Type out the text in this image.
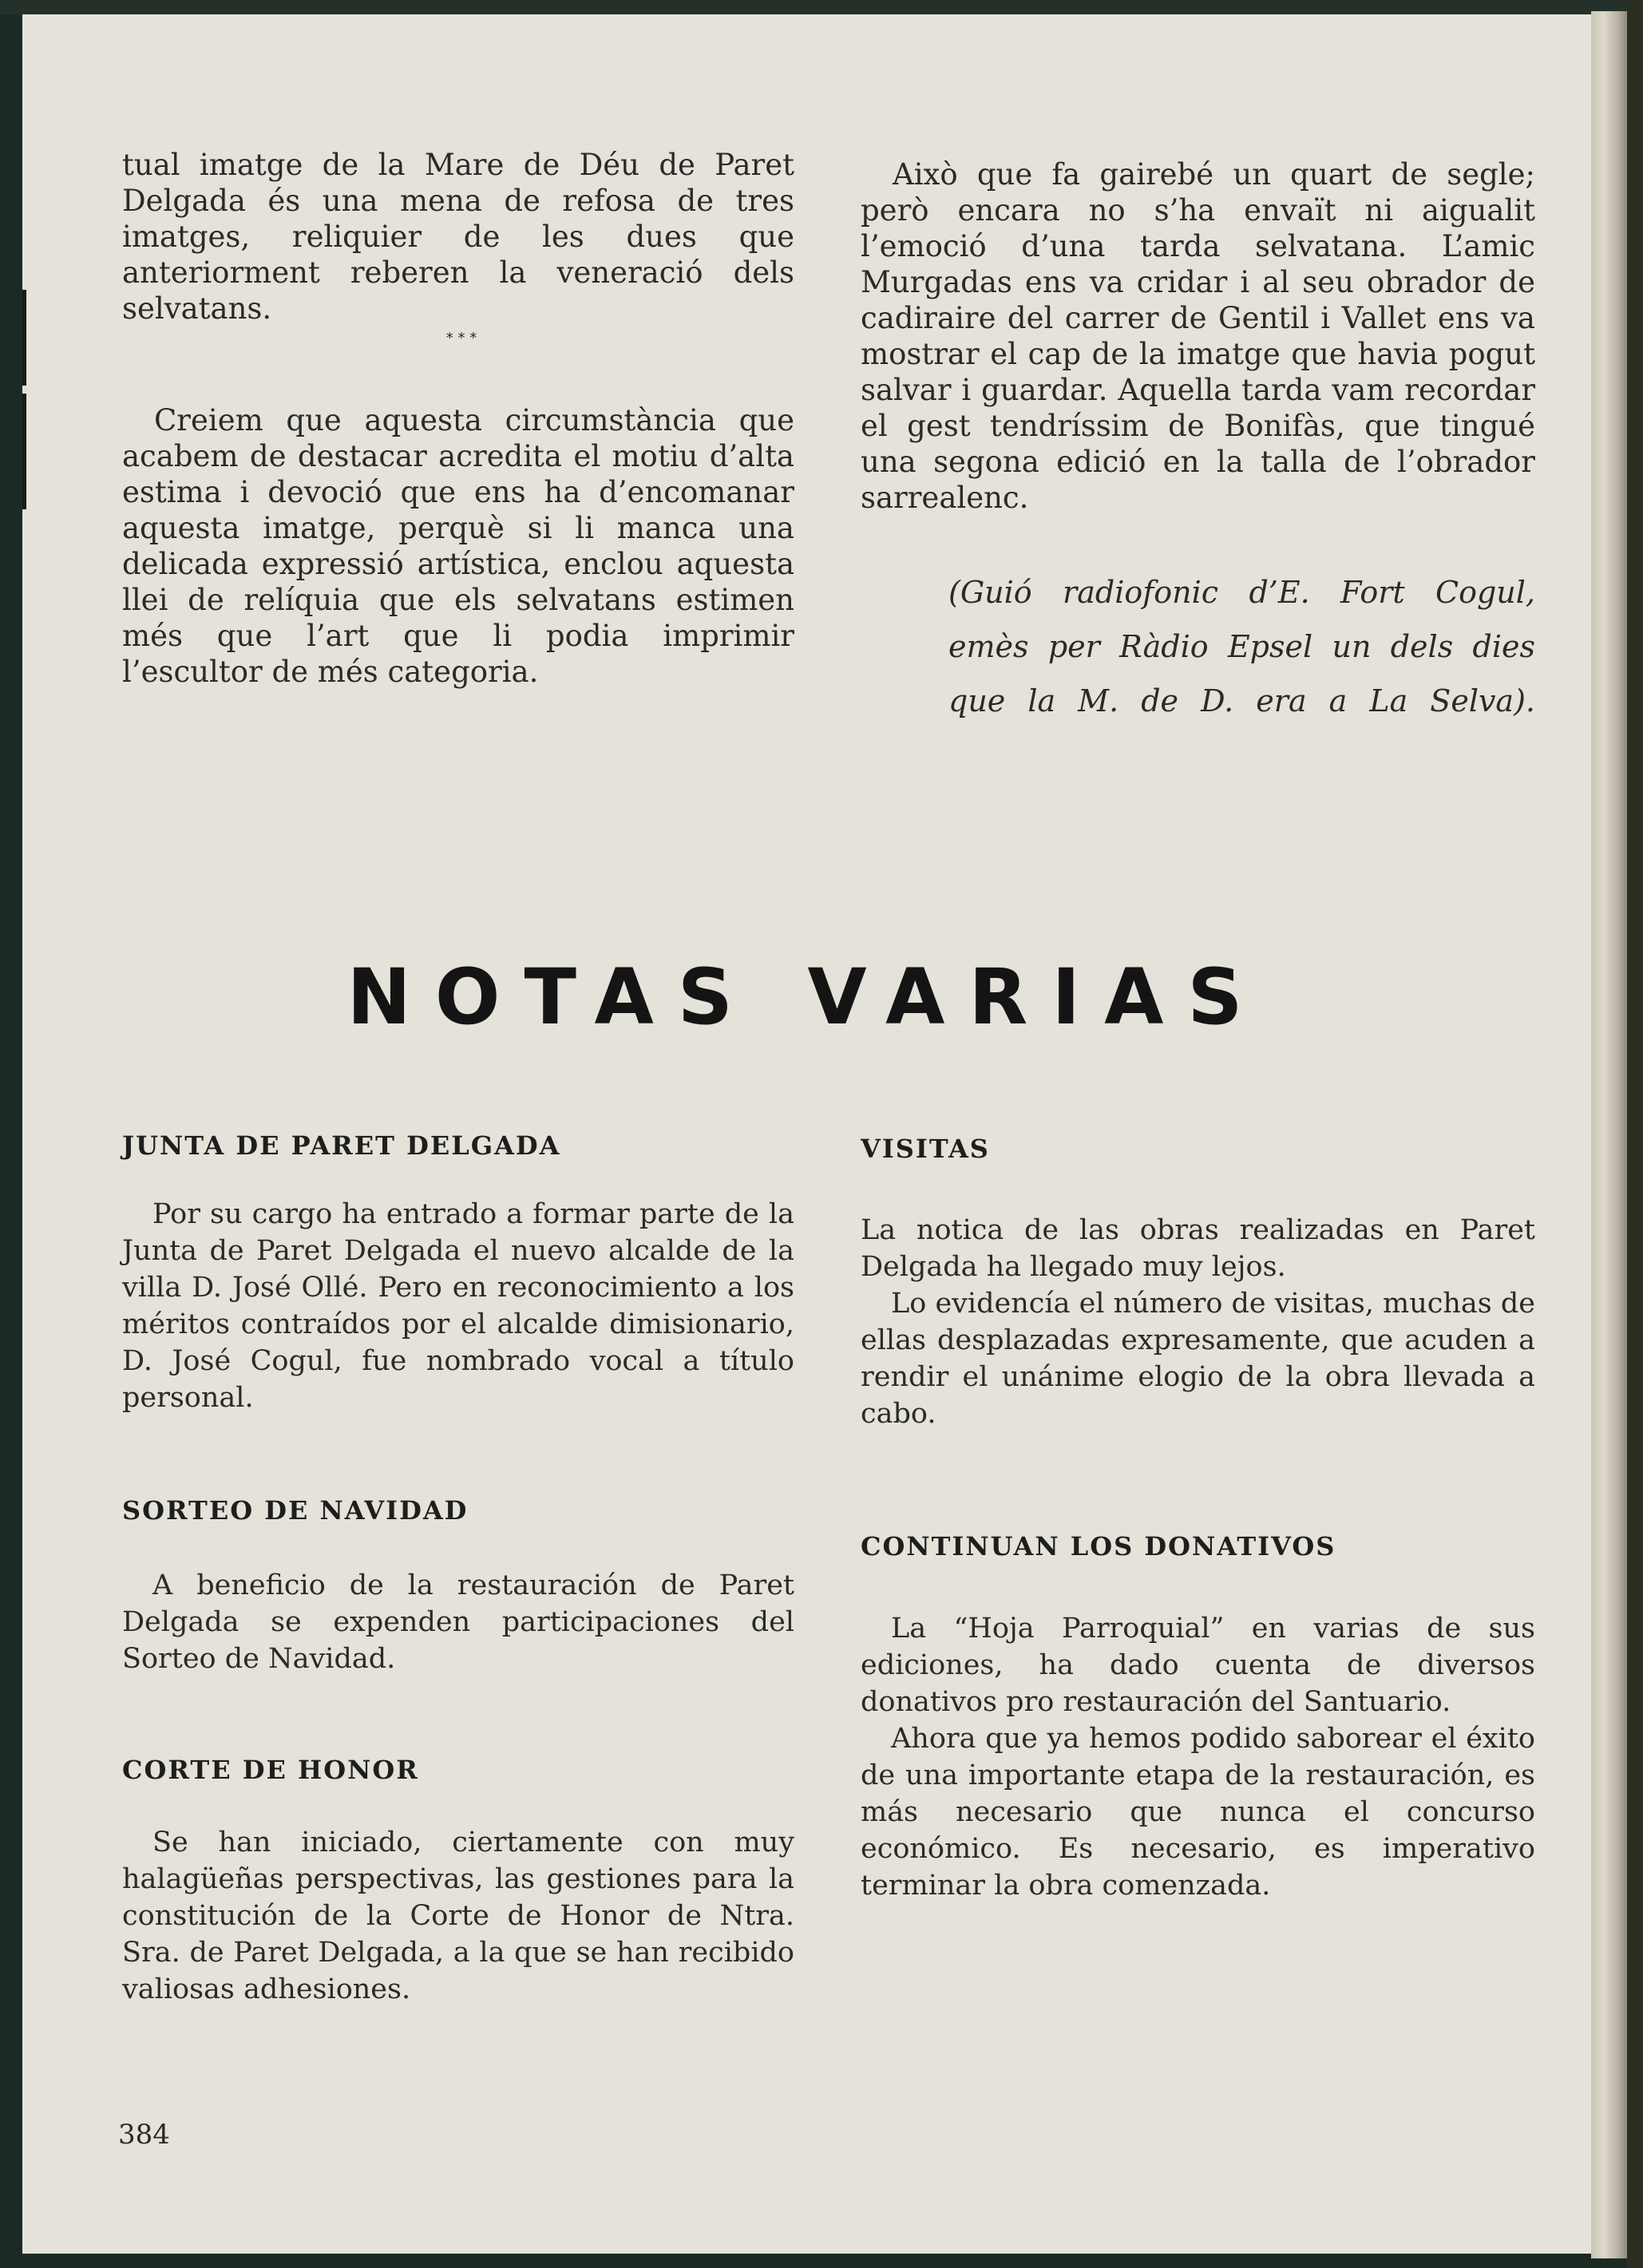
tual imatge de la Mare de Déu de Paret Delgada és una mena de refosa de tres imatges, reliquier de les dues que anteriorment reberen la veneració dels selvatans.

* * *

Creiem que aquesta circumstància que acabem de destacar acredita el motiu d’alta estima i devoció que ens ha d’encomanar aquesta imatge, perquè si li manca una delicada expressió artística, enclou aquesta llei de relíquia que els selvatans estimen més que l’art que li podia imprimir l’escultor de més categoria.

Això que fa gairebé un quart de segle; però encara no s’ha envaït ni aigualit l’emoció d’una tarda selvatana. L’amic Murgadas ens va cridar i al seu obrador de cadiraire del carrer de Gentil i Vallet ens va mostrar el cap de la imatge que havia pogut salvar i guardar. Aquella tarda vam recordar el gest tendríssim de Bonifàs, que tingué una segona edició en la talla de l’obrador sarrealenc.

(Guió radiofonic d’E. Fort Cogul, emès per Ràdio Epsel un dels dies que la M. de D. era a La Selva).

NOTAS VARIAS
JUNTA DE PARET DELGADA

Por su cargo ha entrado a formar parte de la Junta de Paret Delgada el nuevo alcalde de la villa D. José Ollé. Pero en reconocimiento a los méritos contraídos por el alcalde dimisionario, D. José Cogul, fue nombrado vocal a título personal.

SORTEO DE NAVIDAD

A beneficio de la restauración de Paret Delgada se expenden participaciones del Sorteo de Navidad.

CORTE DE HONOR

Se han iniciado, ciertamente con muy halagüeñas perspectivas, las gestiones para la constitución de la Corte de Honor de Ntra. Sra. de Paret Delgada, a la que se han recibido valiosas adhesiones.

VISITAS

La notica de las obras realizadas en Paret Delgada ha llegado muy lejos.

Lo evidencía el número de visitas, muchas de ellas desplazadas expresamente, que acuden a rendir el unánime elogio de la obra llevada a cabo.

CONTINUAN LOS DONATIVOS

La “Hoja Parroquial” en varias de sus ediciones, ha dado cuenta de diversos donativos pro restauración del Santuario.

Ahora que ya hemos podido saborear el éxito de una importante etapa de la restauración, es más necesario que nunca el concurso económico. Es necesario, es imperativo terminar la obra comenzada.

384
